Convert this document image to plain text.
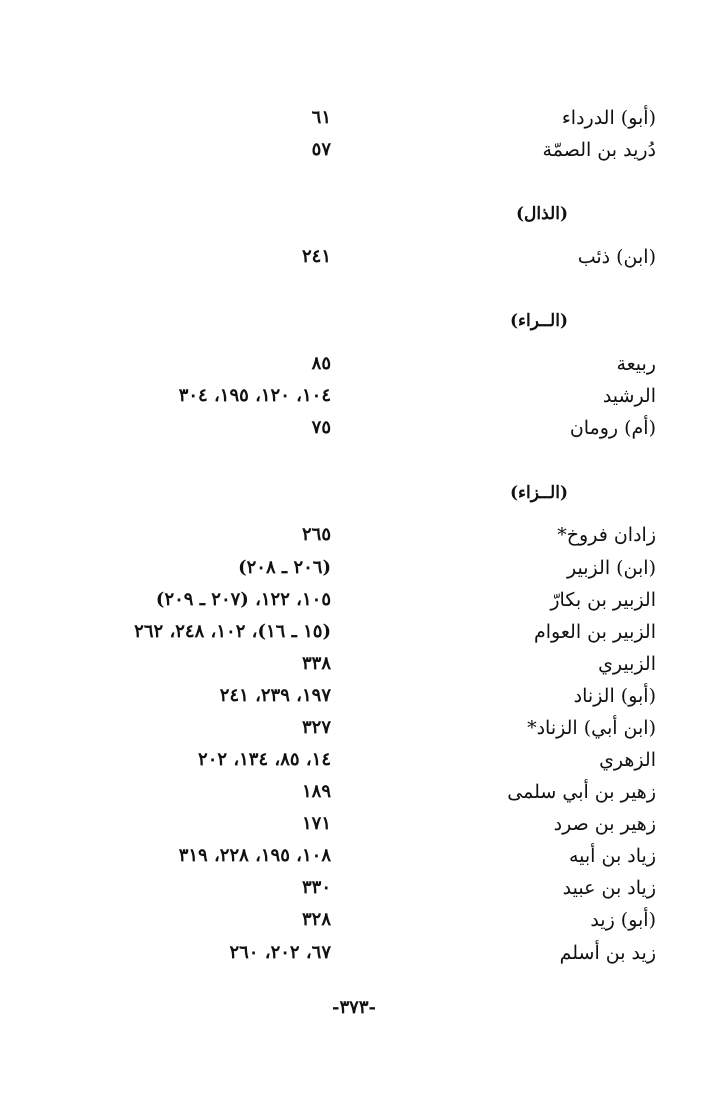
(أبو) الدرداء
٦١
دُريد بن الصمّة
٥٧
(الذال)
(ابن) ذئب
٢٤١
(الــراء)
ربيعة
٨٥
الرشيد
١٠٤، ١٢٠، ١٩٥، ٣٠٤
(أم) رومان
٧٥
(الــزاء)
زادان فروخ*
٢٦٥
(ابن) الزبير
(٢٠٦ ـ ٢٠٨)
الزبير بن بكارّ
١٠٥، ١٢٢، (٢٠٧ ـ ٢٠٩)
الزبير بن العوام
(١٥ ـ ١٦)، ١٠٢، ٢٤٨، ٢٦٢
الزبيري
٣٣٨
(أبو) الزناد
١٩٧، ٢٣٩، ٢٤١
(ابن أبي) الزناد*
٣٢٧
الزهري
١٤، ٨٥، ١٣٤، ٢٠٢
زهير بن أبي سلمى
١٨٩
زهير بن صرد
١٧١
زياد بن أبيه
١٠٨، ١٩٥، ٢٢٨، ٣١٩
زياد بن عبيد
٣٣٠
(أبو) زيد
٣٢٨
زيد بن أسلم
٦٧، ٢٠٢، ٢٦٠
-٣٧٣-
